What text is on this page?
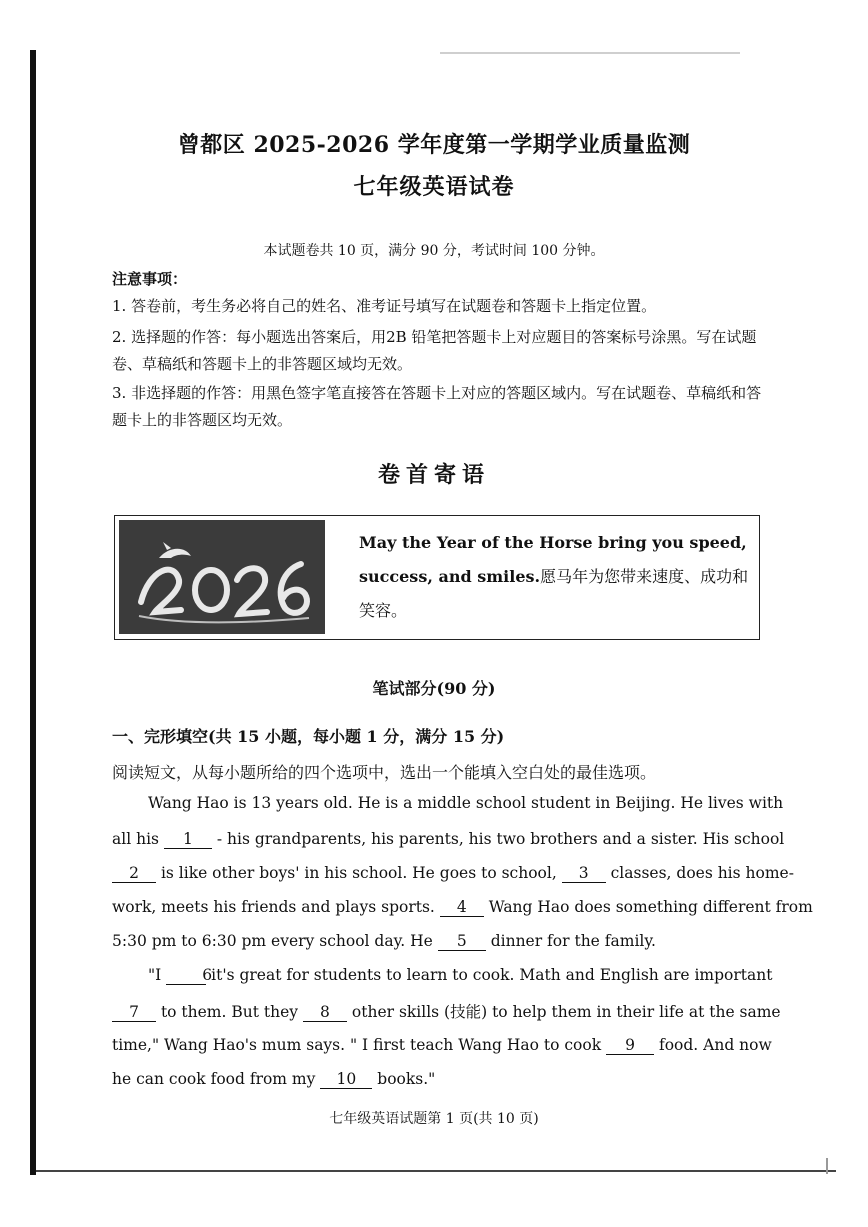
曾都区 2025-2026 学年度第一学期学业质量监测
七年级英语试卷
本试题卷共 10 页，满分 90 分，考试时间 100 分钟。
注意事项：
1. 答卷前，考生务必将自己的姓名、准考证号填写在试题卷和答题卡上指定位置。
2. 选择题的作答：每小题选出答案后，用2B 铅笔把答题卡上对应题目的答案标号涂黑。写在试题卷、草稿纸和答题卡上的非答题区域均无效。
3. 非选择题的作答：用黑色签字笔直接答在答题卡上对应的答题区域内。写在试题卷、草稿纸和答题卡上的非答题区均无效。
卷首寄语
May the Year of the Horse bring you speed, success, and smiles.愿马年为您带来速度、成功和笑容。
笔试部分(90 分)
一、完形填空(共 15 小题，每小题 1 分，满分 15 分)
阅读短文，从每小题所给的四个选项中，选出一个能填入空白处的最佳选项。
Wang Hao is 13 years old. He is a middle school student in Beijing. He lives with
all his 1 - his grandparents, his parents, his two brothers and a sister. His school
2 is like other boys' in his school. He goes to school, 3 classes, does his home-
work, meets his friends and plays sports. 4 Wang Hao does something different from
5:30 pm to 6:30 pm every school day. He 5 dinner for the family.
"I	6 it's great for students to learn to cook. Math and English are important
7 to them. But they 8 other skills (技能) to help them in their life at the same
time," Wang Hao's mum says. " I first teach Wang Hao to cook 9 food. And now
he can cook food from my 10 books."
七年级英语试题第 1 页(共 10 页)
